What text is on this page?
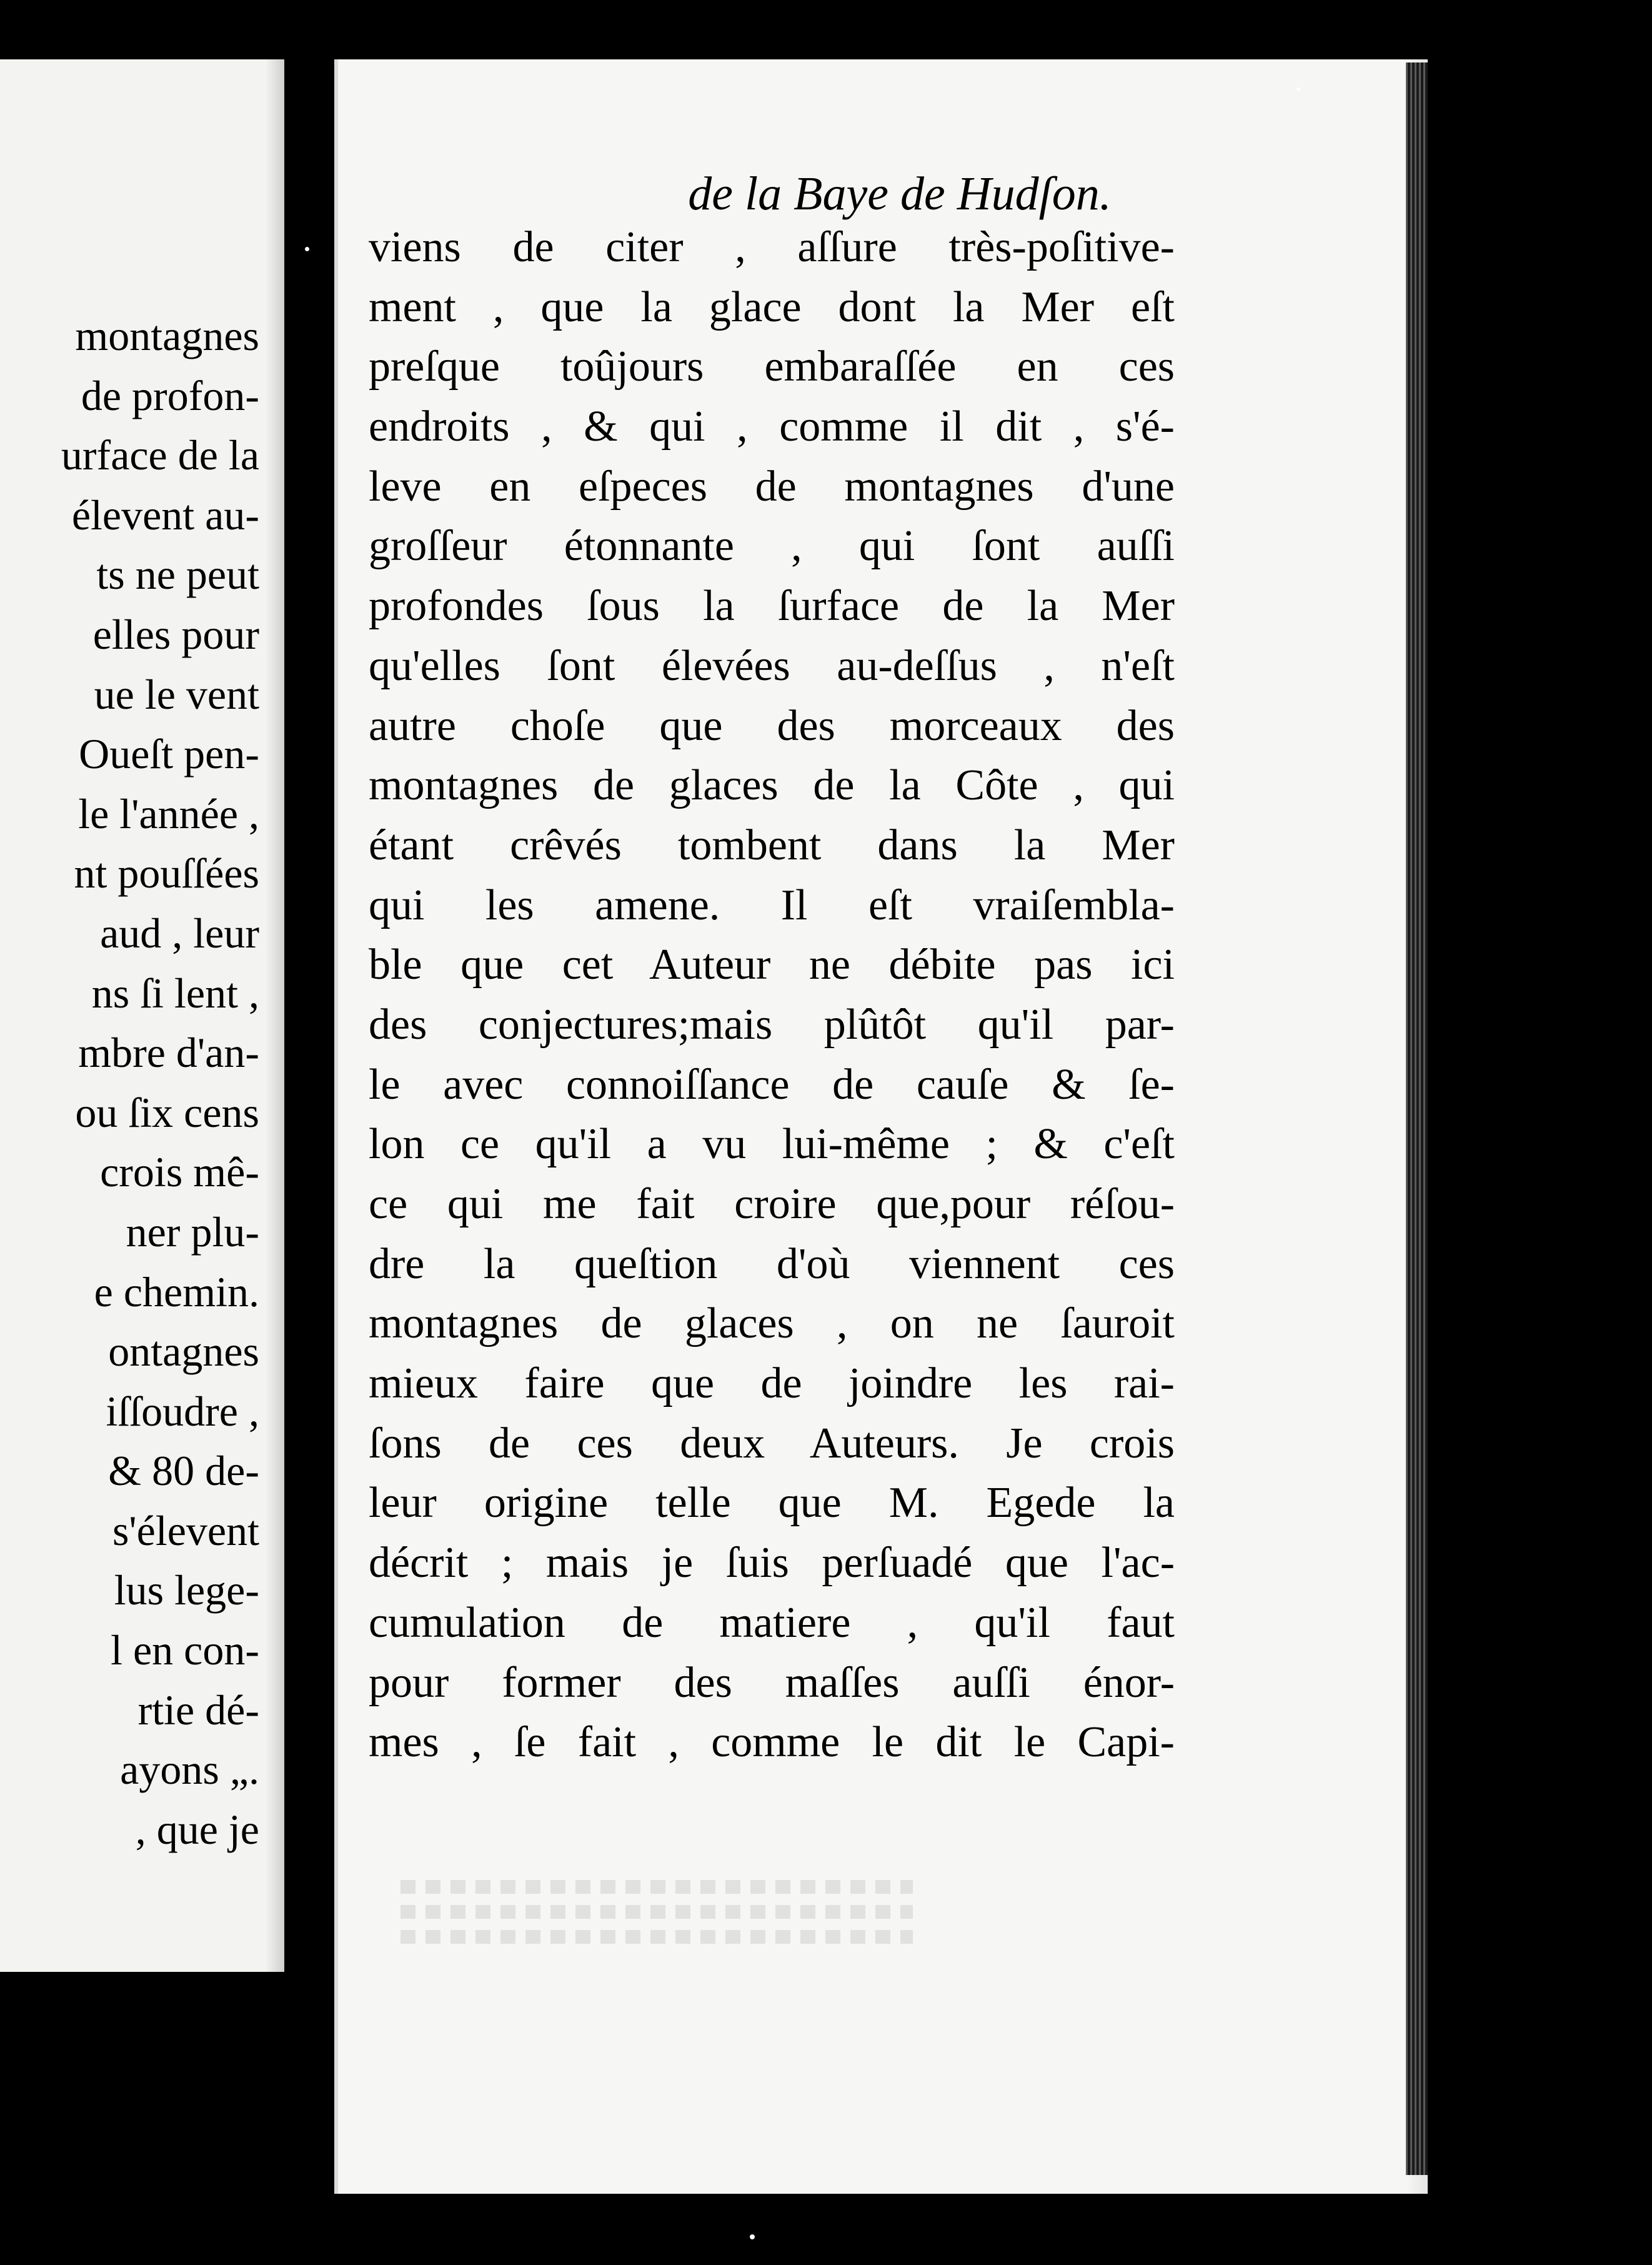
montagnes
de profon-
urface de la
élevent au-
ts ne peut
elles pour
ue le vent
Oueſt pen-
le l'année ,
nt pouſſées
aud , leur
ns ſi lent ,
mbre d'an-
ou ſix cens
crois mê-
ner plu-
e chemin.
ontagnes
iſſoudre ,
& 80 de-
s'élevent
lus lege-
l en con-
rtie dé-
ayons „.
, que je
de la Baye de Hudſon.	15
viens de citer , aſſure très-poſitive-
ment , que la glace dont la Mer eſt
preſque toûjours embaraſſée en ces
endroits , & qui , comme il dit , s'é-
leve en eſpeces de montagnes d'une
groſſeur étonnante , qui ſont auſſi
profondes ſous la ſurface de la Mer
qu'elles ſont élevées au-deſſus , n'eſt
autre choſe que des morceaux des
montagnes de glaces de la Côte , qui
étant crêvés tombent dans la Mer
qui les amene. Il eſt vraiſembla-
ble que cet Auteur ne débite pas ici
des conjectures;mais plûtôt qu'il par-
le avec connoiſſance de cauſe & ſe-
lon ce qu'il a vu lui-même ; & c'eſt
ce qui me fait croire que,pour réſou-
dre la queſtion d'où viennent ces
montagnes de glaces , on ne ſauroit
mieux faire que de joindre les rai-
ſons de ces deux Auteurs. Je crois
leur origine telle que M. Egede la
décrit ; mais je ſuis perſuadé que l'ac-
cumulation de matiere , qu'il faut
pour former des maſſes auſſi énor-
mes , ſe fait , comme le dit le Capi-
